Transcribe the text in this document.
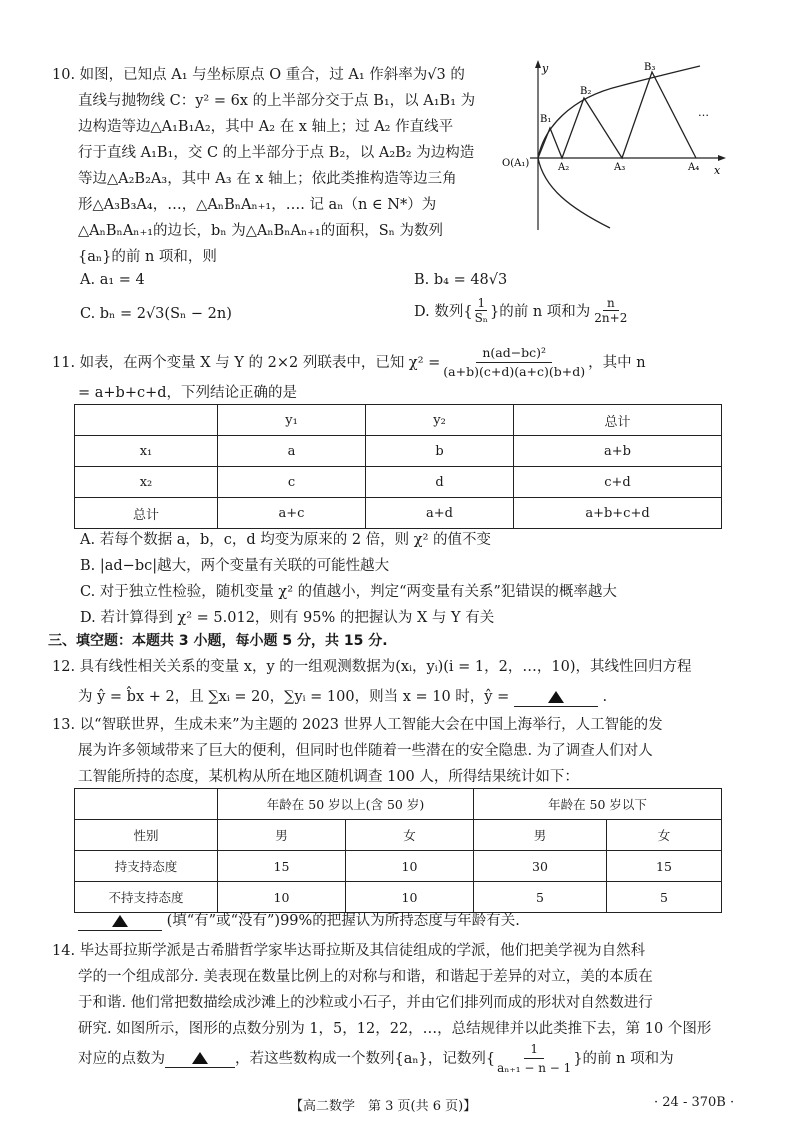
10. 如图，已知点 A₁ 与坐标原点 O 重合，过 A₁ 作斜率为√3 的
直线与抛物线 C：y² = 6x 的上半部分交于点 B₁，以 A₁B₁ 为
边构造等边△A₁B₁A₂，其中 A₂ 在 x 轴上；过 A₂ 作直线平
行于直线 A₁B₁，交 C 的上半部分于点 B₂，以 A₂B₂ 为边构造
等边△A₂B₂A₃，其中 A₃ 在 x 轴上；依此类推构造等边三角
形△A₃B₃A₄，…，△AₙBₙAₙ₊₁，…. 记 aₙ（n ∈ N*）为
△AₙBₙAₙ₊₁的边长，bₙ 为△AₙBₙAₙ₊₁的面积，Sₙ 为数列
{aₙ}的前 n 项和，则
y
x
O(A₁)	A₂	A₃	A₄
B₁
B₂
B₃
…
A. a₁ = 4	B. b₄ = 48√3
C. bₙ = 2√3(Sₙ − 2n)	D. 数列{ $\frac{1}{\text{Sₙ}}$ }的前 n 项和为 $\frac{n}{2n+2}$
11. 如表，在两个变量 X 与 Y 的 2×2 列联表中，已知 $\chi^2 = \frac{\text{n(ad−bc)²}}{(a+b)(c+d)(a+c)(b+d)}$ ，其中 n
= a+b+c+d，下列结论正确的是
	y₁	y₂	总计
x₁	a	b	a+b
x₂	c	d	c+d
总计	a+c	a+d	a+b+c+d
A. 若每个数据 a，b，c，d 均变为原来的 2 倍，则 χ² 的值不变
B. |ad−bc|越大，两个变量有关联的可能性越大
C. 对于独立性检验，随机变量 χ² 的值越小，判定“两变量有关系”犯错误的概率越大
D. 若计算得到 χ² = 5.012，则有 95% 的把握认为 X 与 Y 有关
三、填空题：本题共 3 小题，每小题 5 分，共 15 分.
12. 具有线性相关关系的变量 x，y 的一组观测数据为(xᵢ，yᵢ)(i = 1，2，…，10)，其线性回归方程
为 ŷ = b̂x + 2，且 ∑xᵢ = 20，∑yᵢ = 100，则当 x = 10 时，ŷ =	.
13. 以“智联世界，生成未来”为主题的 2023 世界人工智能大会在中国上海举行，人工智能的发
展为许多领域带来了巨大的便利，但同时也伴随着一些潜在的安全隐患. 为了调查人们对人
工智能所持的态度，某机构从所在地区随机调查 100 人，所得结果统计如下：
	年龄在 50 岁以上(含 50 岁)		年龄在 50 岁以下	
性别	男	女	男	女
持支持态度	15	10	30	15
不持支持态度	10	10	5	5
(填“有”或“没有”)99%的把握认为所持态度与年龄有关.
14. 毕达哥拉斯学派是古希腊哲学家毕达哥拉斯及其信徒组成的学派，他们把美学视为自然科
学的一个组成部分. 美表现在数量比例上的对称与和谐，和谐起于差异的对立，美的本质在
于和谐. 他们常把数描绘成沙滩上的沙粒或小石子，并由它们排列而成的形状对自然数进行
研究. 如图所示，图形的点数分别为 1，5，12，22，…，总结规律并以此类推下去，第 10 个图形
对应的点数为	，若这些数构成一个数列{aₙ}，记数列{ $\frac{1}{\text{aₙ₊₁ − n − 1}}$ }的前 n 项和为
【高二数学　第 3 页(共 6 页)】	· 24 - 370B ·
